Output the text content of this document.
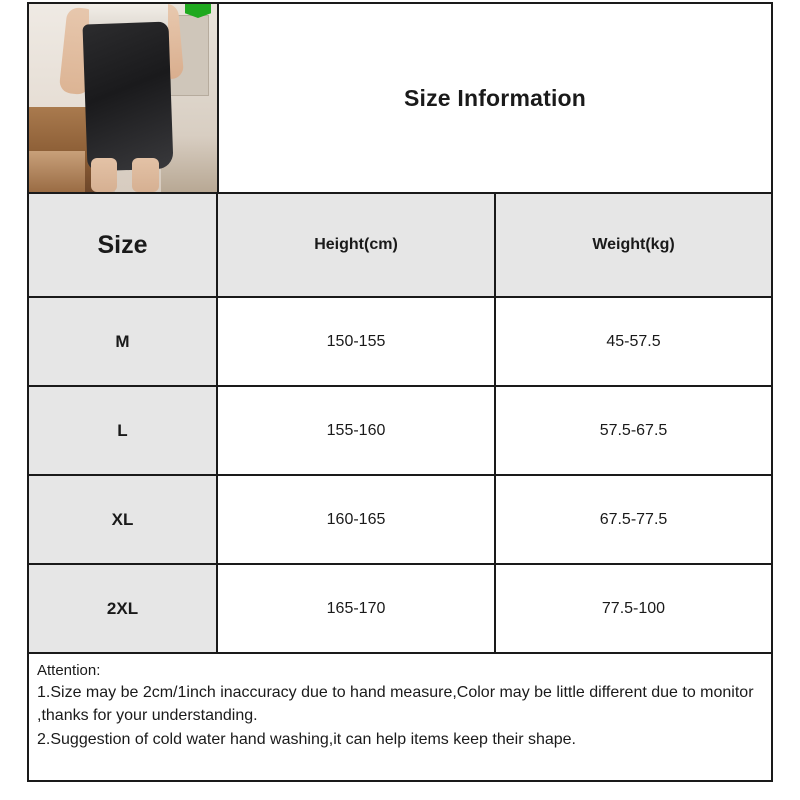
Size Information
Size	Height(cm)	Weight(kg)
M	150-155	45-57.5
L	155-160	57.5-67.5
XL	160-165	67.5-77.5
2XL	165-170	77.5-100
Attention:
1.Size may be 2cm/1inch inaccuracy due to hand measure,Color may be little different due to monitor ,thanks for your understanding.
2.Suggestion of cold water hand washing,it can help items keep their shape.
